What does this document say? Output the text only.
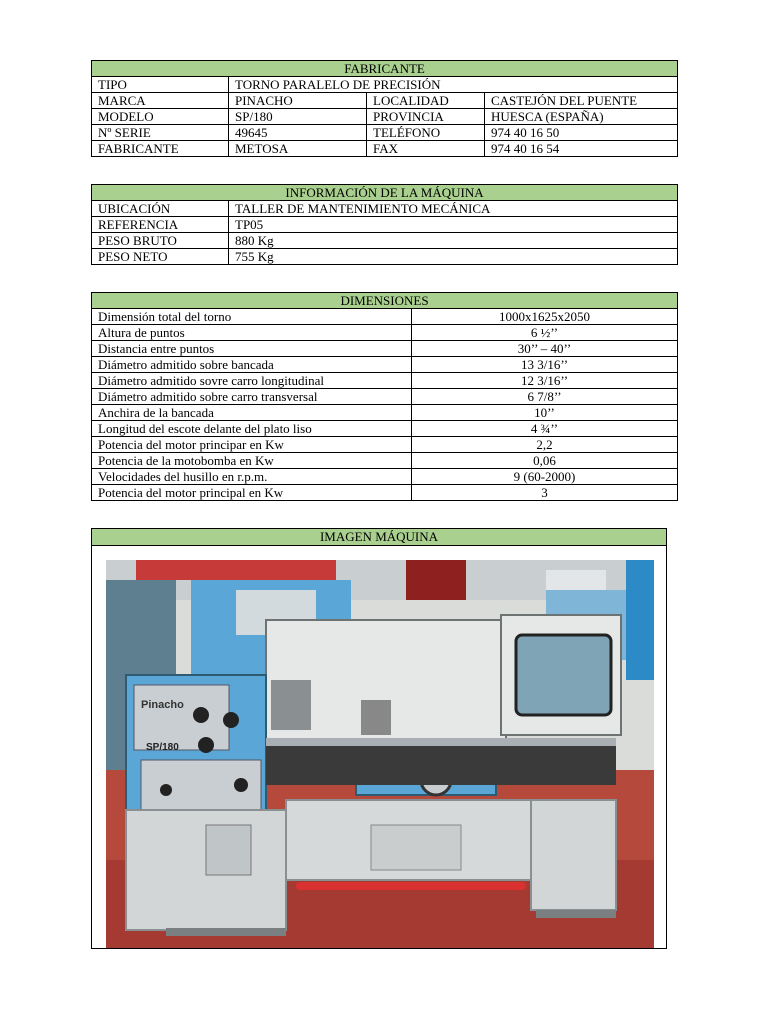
FABRICANTE			
TIPO	TORNO PARALELO DE PRECISIÓN		
MARCA	PINACHO	LOCALIDAD	CASTEJÓN DEL PUENTE
MODELO	SP/180	PROVINCIA	HUESCA (ESPAÑA)
Nº SERIE	49645	TELÉFONO	974 40 16 50
FABRICANTE	METOSA	FAX	974 40 16 54
INFORMACIÓN DE LA MÁQUINA	
UBICACIÓN	TALLER DE MANTENIMIENTO MECÁNICA
REFERENCIA	TP05
PESO BRUTO	880 Kg
PESO NETO	755 Kg
DIMENSIONES	
Dimensión total del torno	1000x1625x2050
Altura de puntos	6 ½’’
Distancia entre puntos	30’’ – 40’’
Diámetro admitido sobre bancada	13 3/16’’
Diámetro admitido sovre carro longitudinal	12 3/16’’
Diámetro admitido sobre carro transversal	6 7/8’’
Anchira de la bancada	10’’
Longitud del escote delante del plato liso	4 ¾’’
Potencia del motor principar en Kw	2,2
Potencia de la motobomba en Kw	0,06
Velocidades del husillo en r.p.m.	9 (60-2000)
Potencia del motor principal en Kw	3
IMAGEN MÁQUINA
Pinacho
SP/180
